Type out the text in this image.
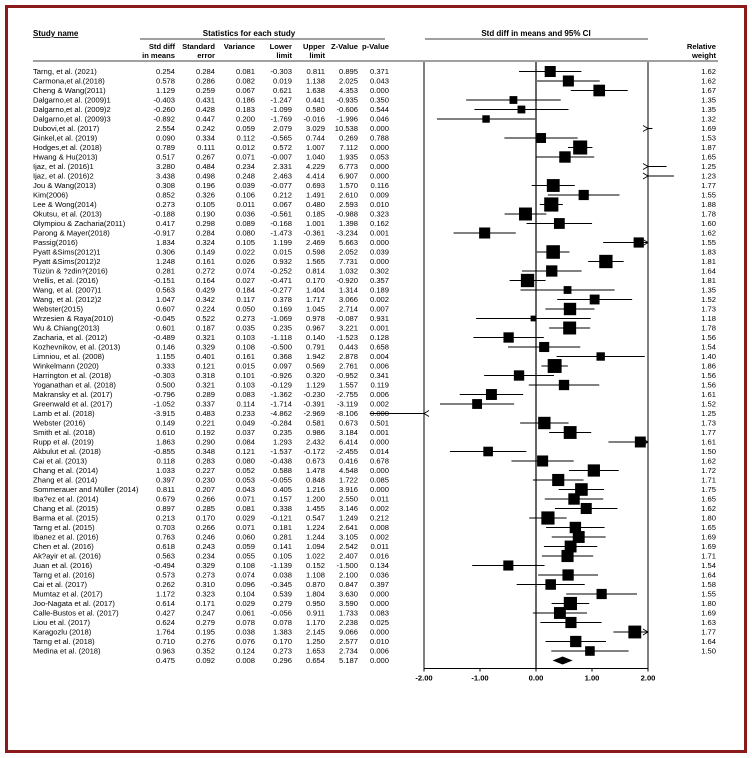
Study name	Statistics for each study	Std diff in means and 95% CI
Std diff
in means
Standard
error
Variance Lower
limit
Upper
limit
Z-Value p-Value	Relative
weight
Tarng, et al. (2021)	0.254	0.284	0.081 -0.303 0.811 0.895 0.371	1.62
Carmona,et al.(2018)	0.578	0.286	0.082 0.019 1.138 2.025 0.043	1.62
Cheng & Wang(2011)	1.129	0.259	0.067 0.621 1.638 4.353 0.000	1.67
Dalgarno,et al. (2009)1	-0.403	0.431	0.186 -1.247 0.441 -0.935 0.350	1.35
Dalgarno,et al. (2009)2	-0.260	0.428	0.183 -1.099 0.580 -0.606 0.544	1.35
Dalgarno,et al. (2009)3	-0.892	0.447	0.200 -1.769 -0.016 -1.996 0.046	1.32
Dubovi,et al. (2017)	2.554	0.242	0.059 2.079 3.029 10.538 0.000	1.69
Ginkel,et al. (2019)	0.090	0.334	0.112 -0.565 0.744 0.269 0.788	1.53
Hodges,et al. (2018)	0.789	0.111	0.012 0.572 1.007 7.112 0.000	1.87
Hwang & Hu(2013)	0.517	0.267	0.071 -0.007 1.040 1.935 0.053	1.65
Ijaz, et al. (2016)1	3.280	0.484	0.234 2.331 4.229 6.773 0.000	1.25
Ijaz, et al. (2016)2	3.438	0.498	0.248 2.463 4.414 6.907 0.000	1.23
Jou & Wang(2013)	0.308	0.196	0.039 -0.077 0.693 1.570 0.116	1.77
Kim(2006)	0.852	0.326	0.106 0.212 1.491 2.610 0.009	1.55
Lee & Wong(2014)	0.273	0.105	0.011 0.067 0.480 2.593 0.010	1.88
Okutsu, et al. (2013)	-0.188	0.190	0.036 -0.561 0.185 -0.988 0.323	1.78
Olympiou & Zacharia(2011)	0.417	0.298	0.089 -0.168 1.001 1.398 0.162	1.60
Parong & Mayer(2018)	-0.917	0.284	0.080 -1.473 -0.361 -3.234 0.001	1.62
Passig(2016)	1.834	0.324	0.105 1.199 2.469 5.663 0.000	1.55
Pyatt &Sims(2012)1	0.306	0.149	0.022 0.015 0.598 2.052 0.039	1.83
Pyatt &Sims(2012)2	1.248	0.161	0.026 0.932 1.565 7.731 0.000	1.81
Tüzün & ?zdin?(2016)	0.281	0.272	0.074 -0.252 0.814 1.032 0.302	1.64
Vrellis, et al. (2016)	-0.151	0.164	0.027 -0.471 0.170 -0.920 0.357	1.81
Wang, et al. (2007)1	0.563	0.429	0.184 -0.277 1.404 1.314 0.189	1.35
Wang, et al. (2012)2	1.047	0.342	0.117 0.378 1.717 3.066 0.002	1.52
Webster(2015)	0.607	0.224	0.050 0.169 1.045 2.714 0.007	1.73
Wrzesien & Raya(2010)	-0.045	0.522	0.273 -1.069 0.978 -0.087 0.931	1.18
Wu & Chiang(2013)	0.601	0.187	0.035 0.235 0.967 3.221 0.001	1.78
Zacharia, et al. (2012)	-0.489	0.321	0.103 -1.118 0.140 -1.523 0.128	1.56
Kozhevnikov, et al. (2013)	0.146	0.329	0.108 -0.500 0.791 0.443 0.658	1.54
Limniou, et al. (2008)	1.155	0.401	0.161 0.368 1.942 2.878 0.004	1.40
Winkelmann (2020)	0.333	0.121	0.015 0.097 0.569 2.761 0.006	1.86
Harrington et al. (2018)	-0.303	0.318	0.101 -0.926 0.320 -0.952 0.341	1.56
Yoganathan et al. (2018)	0.500	0.321	0.103 -0.129 1.129 1.557 0.119	1.56
Makransky et al. (2017)	-0.796	0.289	0.083 -1.362 -0.230 -2.755 0.006	1.61
Greenwald et al. (2017)	-1.052	0.337	0.114 -1.714 -0.391 -3.119 0.002	1.52
Lamb et al. (2018)	-3.915	0.483	0.233 -4.862 -2.969 -8.106 0.000	1.25
Webster (2016)	0.149	0.221	0.049 -0.284 0.581 0.673 0.501	1.73
Smith et al. (2018)	0.610	0.192	0.037 0.235 0.986 3.184 0.001	1.77
Rupp et al. (2019)	1.863	0.290	0.084 1.293 2.432 6.414 0.000	1.61
Akbulut et al. (2018)	-0.855	0.348	0.121 -1.537 -0.172 -2.455 0.014	1.50
Cai et al. (2013)	0.118	0.283	0.080 -0.438 0.673 0.416 0.678	1.62
Chang et al. (2014)	1.033	0.227	0.052 0.588 1.478 4.548 0.000	1.72
Zhang et al. (2014)	0.397	0.230	0.053 -0.055 0.848 1.722 0.085	1.71
Sommerauer and Müller (2014) 0.811	0.207	0.043 0.405 1.216 3.916 0.000	1.75
Iba?ez et al. (2014)	0.679	0.266	0.071 0.157 1.200 2.550 0.011	1.65
Chang et al. (2015)	0.897	0.285	0.081 0.338 1.455 3.146 0.002	1.62
Barma et al. (2015)	0.213	0.170	0.029 -0.121 0.547 1.249 0.212	1.80
Tarng et al. (2015)	0.703	0.266	0.071 0.181 1.224 2.641 0.008	1.65
Ibanez et al. (2016)	0.763	0.246	0.060 0.281 1.244 3.105 0.002	1.69
Chen et al. (2016)	0.618	0.243	0.059 0.141 1.094 2.542 0.011	1.69
Ak?ayir et al. (2016)	0.563	0.234	0.055 0.105 1.022 2.407 0.016	1.71
Juan et al. (2016)	-0.494	0.329	0.108 -1.139 0.152 -1.500 0.134	1.54
Tarng et al. (2016)	0.573	0.273	0.074 0.038 1.108 2.100 0.036	1.64
Cai et al. (2017)	0.262	0.310	0.096 -0.345 0.870 0.847 0.397	1.58
Mumtaz et al. (2017)	1.172	0.323	0.104 0.539 1.804 3.630 0.000	1.55
Joo-Nagata et al. (2017)	0.614	0.171	0.029 0.279 0.950 3.590 0.000	1.80
Calle-Bustos et al. (2017)	0.427	0.247	0.061 -0.056 0.911 1.733 0.083	1.69
Liou et al. (2017)	0.624	0.279	0.078 0.078 1.170 2.238 0.025	1.63
Karagozlu (2018)	1.764	0.195	0.038 1.383 2.145 9.066 0.000	1.77
Tarng et al. (2018)	0.710	0.276	0.076 0.170 1.250 2.577 0.010	1.64
Medina et al. (2018)	0.963	0.352	0.124 0.273 1.653 2.734 0.006	1.50
0.475	0.092	0.008 0.296 0.654 5.187 0.000
-2.00	-1.00	0.00	1.00	2.00
